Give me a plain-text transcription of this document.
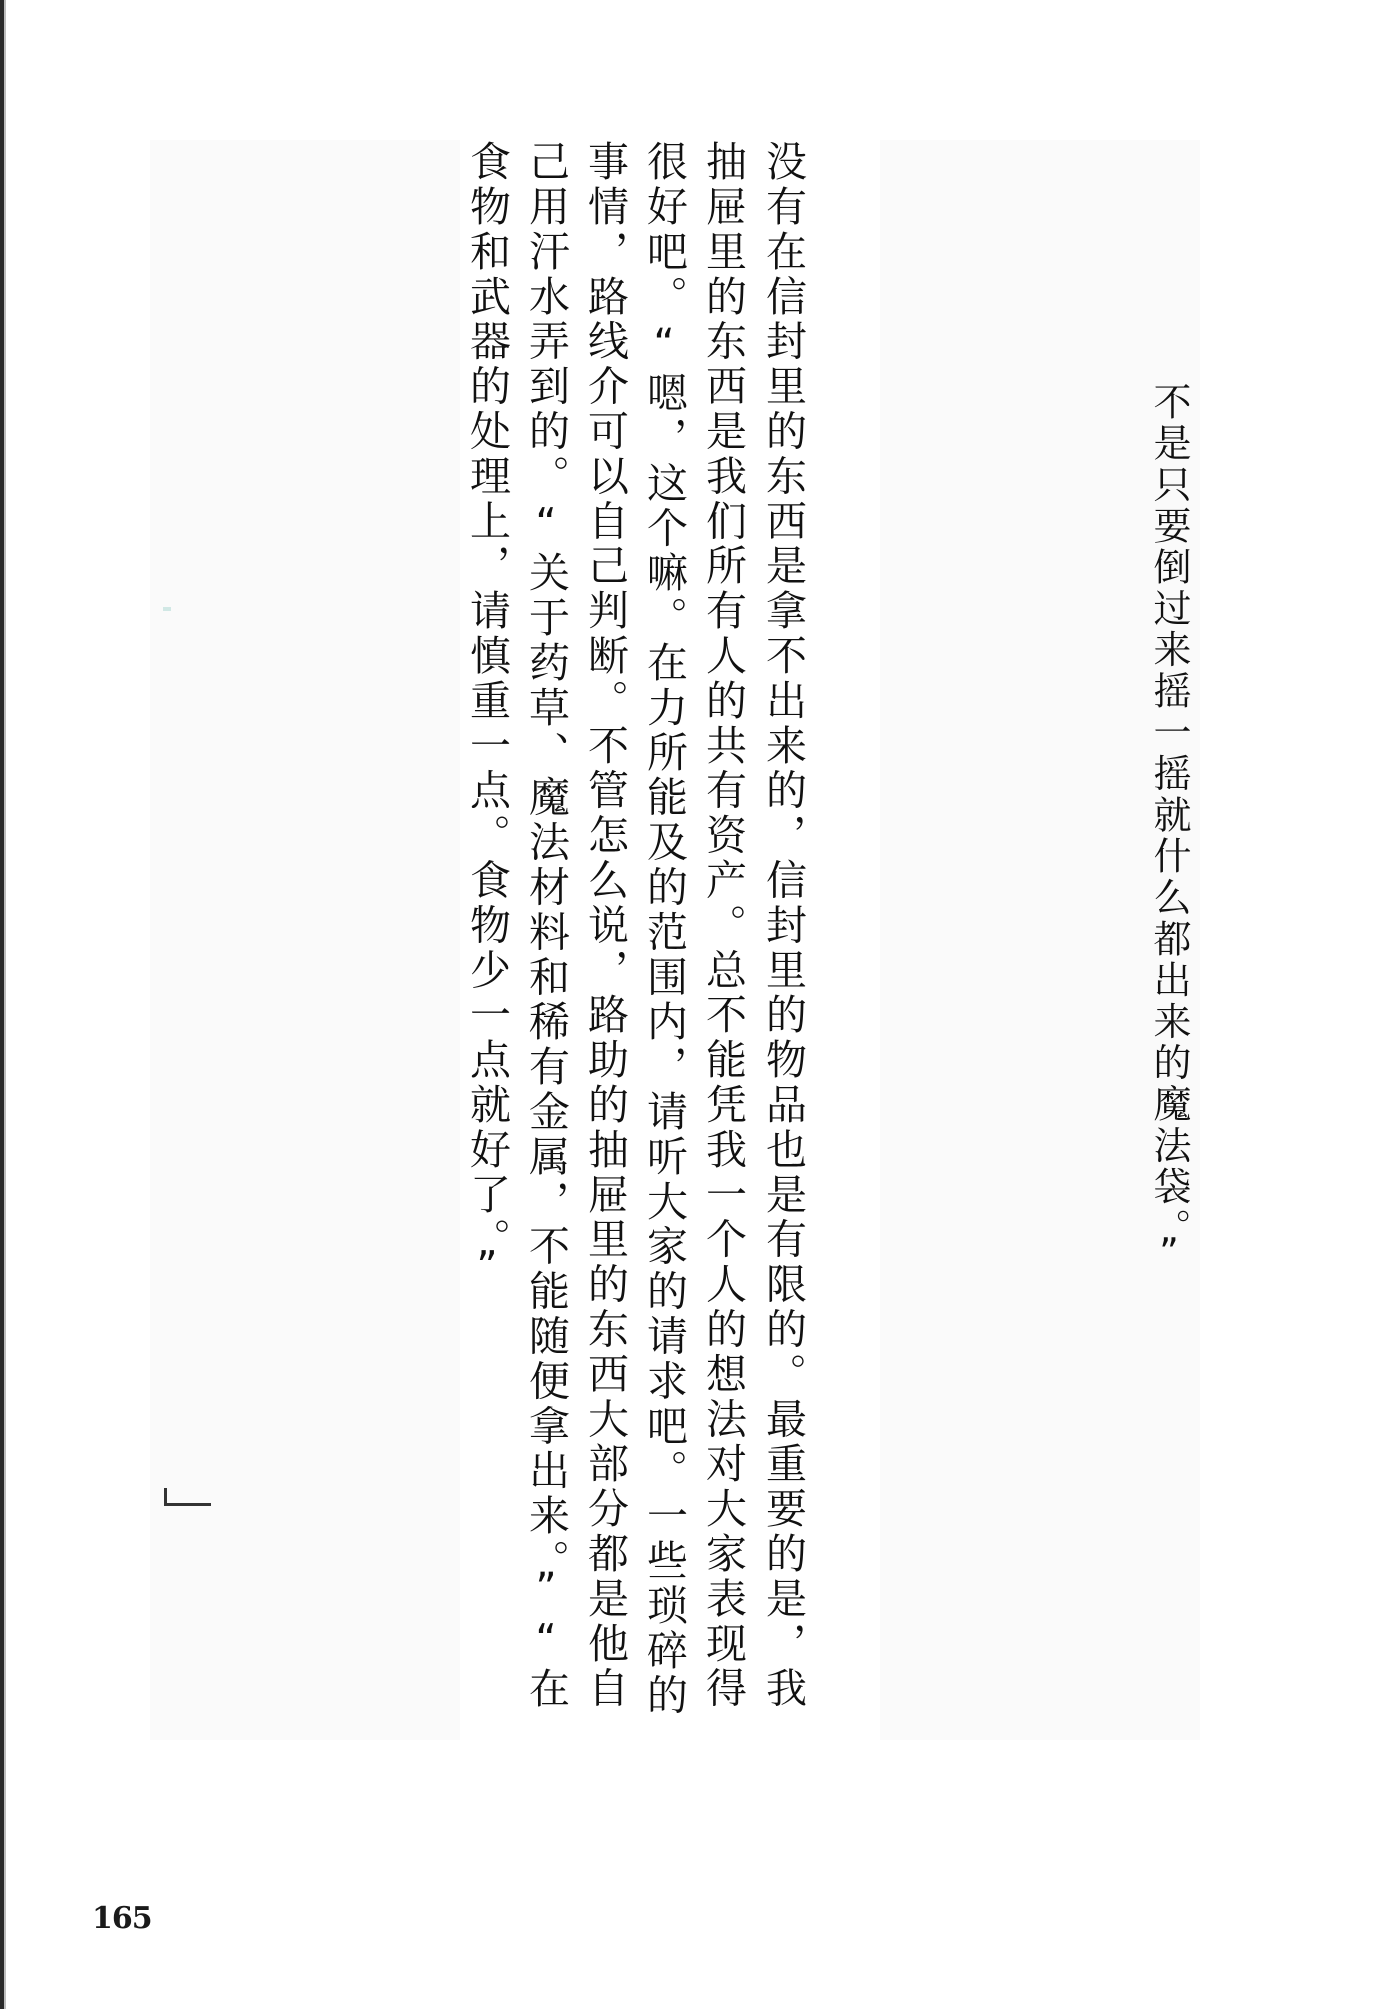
不是只要倒过来摇一摇就什么都出来的魔法袋。”
没有在信封里的东西是拿不出来的，信封里的物品也是有限的。最重要的是，我
抽屉里的东西是我们所有人的共有资产。总不能凭我一个人的想法对大家表现得
很好吧。“嗯，这个嘛。在力所能及的范围内，请听大家的请求吧。一些琐碎的
事情，路线介可以自己判断。不管怎么说，路助的抽屉里的东西大部分都是他自
己用汗水弄到的。“关于药草、魔法材料和稀有金属，不能随便拿出来。”“在
食物和武器的处理上，请慎重一点。食物少一点就好了。”
165
